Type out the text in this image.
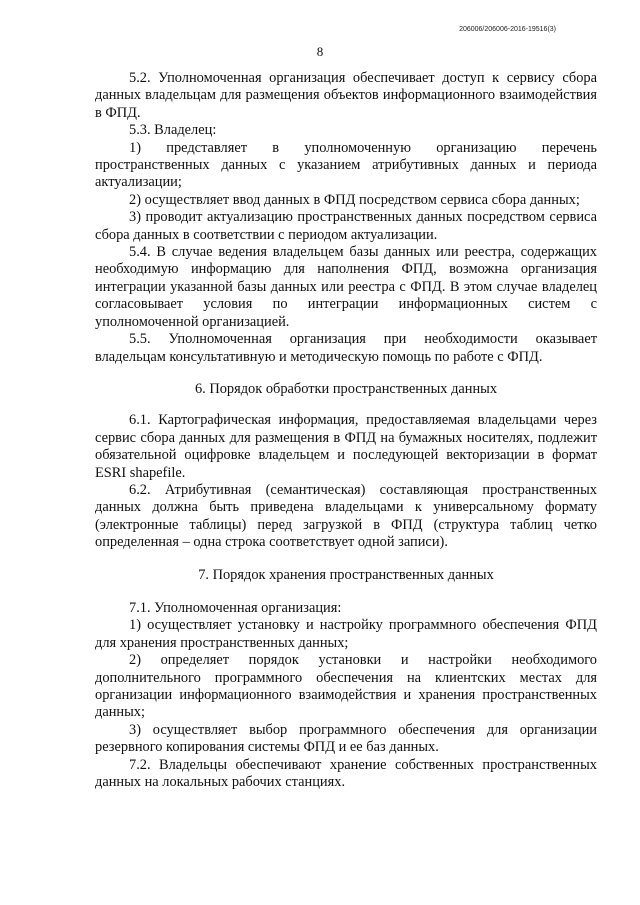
206006/206006-2016-19516(3)
8

5.2. Уполномоченная организация обеспечивает доступ к сервису сбора данных владельцам для размещения объектов информационного взаимодействия в ФПД.

5.3. Владелец:

1) представляет в уполномоченную организацию перечень пространственных данных с указанием атрибутивных данных и периода актуализации;

2) осуществляет ввод данных в ФПД посредством сервиса сбора данных;

3) проводит актуализацию пространственных данных посредством сервиса сбора данных в соответствии с периодом актуализации.

5.4. В случае ведения владельцем базы данных или реестра, содержащих необходимую информацию для наполнения ФПД, возможна организация интеграции указанной базы данных или реестра с ФПД. В этом случае владелец согласовывает условия по интеграции информационных систем с уполномоченной организацией.

5.5. Уполномоченная организация при необходимости оказывает владельцам консультативную и методическую помощь по работе с ФПД.

6. Порядок обработки пространственных данных

6.1. Картографическая информация, предоставляемая владельцами через сервис сбора данных для размещения в ФПД на бумажных носителях, подлежит обязательной оцифровке владельцем и последующей векторизации в формат ESRI shapefile.

6.2. Атрибутивная (семантическая) составляющая пространственных данных должна быть приведена владельцами к универсальному формату (электронные таблицы) перед загрузкой в ФПД (структура таблиц четко определенная – одна строка соответствует одной записи).

7. Порядок хранения пространственных данных

7.1. Уполномоченная организация:

1) осуществляет установку и настройку программного обеспечения ФПД для хранения пространственных данных;

2) определяет порядок установки и настройки необходимого дополнительного программного обеспечения на клиентских местах для организации информационного взаимодействия и хранения пространственных данных;

3) осуществляет выбор программного обеспечения для организации резервного копирования системы ФПД и ее баз данных.

7.2. Владельцы обеспечивают хранение собственных пространственных данных на локальных рабочих станциях.
